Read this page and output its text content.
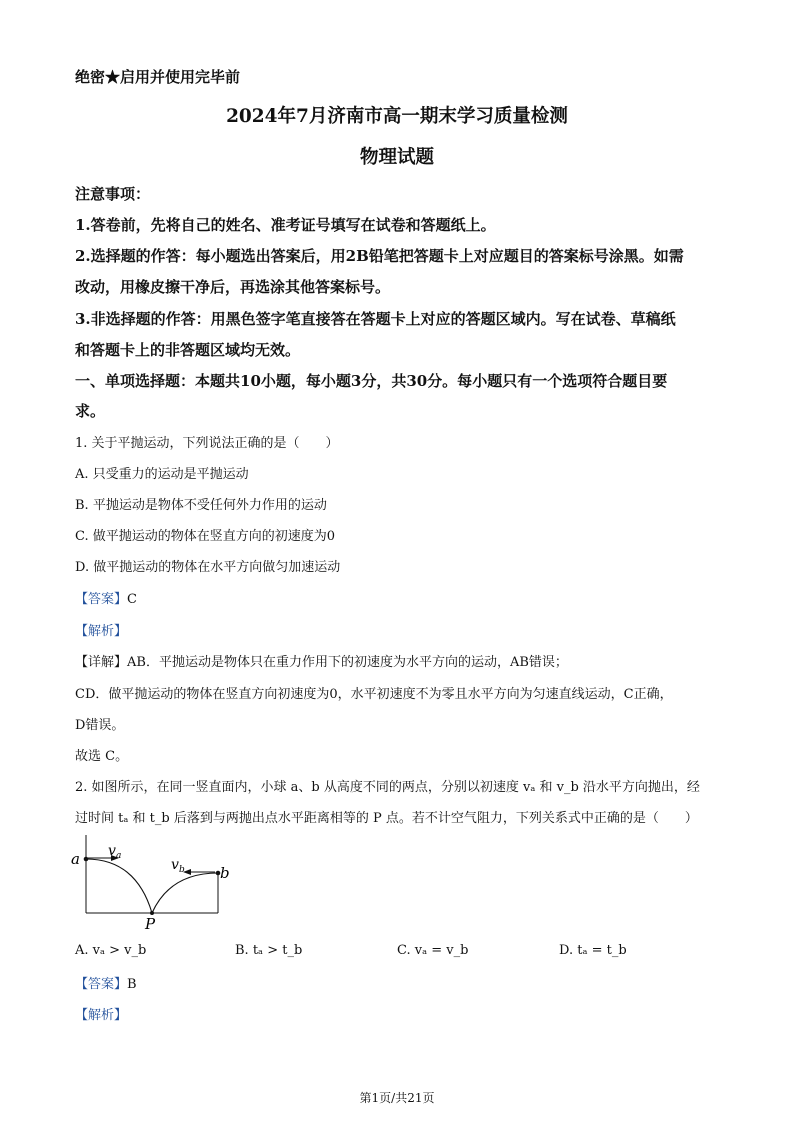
绝密★启用并使用完毕前
2024年7月济南市高一期末学习质量检测
物理试题
注意事项：
1.答卷前，先将自己的姓名、准考证号填写在试卷和答题纸上。
2.选择题的作答：每小题选出答案后，用2B铅笔把答题卡上对应题目的答案标号涂黑。如需
改动，用橡皮擦干净后，再选涂其他答案标号。
3.非选择题的作答：用黑色签字笔直接答在答题卡上对应的答题区域内。写在试卷、草稿纸
和答题卡上的非答题区域均无效。
一、单项选择题：本题共10小题，每小题3分，共30分。每小题只有一个选项符合题目要
求。
1. 关于平抛运动，下列说法正确的是（　　）
A. 只受重力的运动是平抛运动
B. 平抛运动是物体不受任何外力作用的运动
C. 做平抛运动的物体在竖直方向的初速度为0
D. 做平抛运动的物体在水平方向做匀加速运动
【答案】C
【解析】
【详解】AB．平抛运动是物体只在重力作用下的初速度为水平方向的运动，AB错误；
CD．做平抛运动的物体在竖直方向初速度为0，水平初速度不为零且水平方向为匀速直线运动，C正确，
D错误。
故选 C。
2. 如图所示，在同一竖直面内，小球 a、b 从高度不同的两点，分别以初速度 vₐ 和 v_b 沿水平方向抛出，经
过时间 tₐ 和 t_b 后落到与两抛出点水平距离相等的 P 点。若不计空气阻力，下列关系式中正确的是（　　）
a
b
P
v a
v b
A. vₐ > v_b	B. tₐ > t_b	C. vₐ = v_b	D. tₐ = t_b
【答案】B
【解析】
第1页/共21页
